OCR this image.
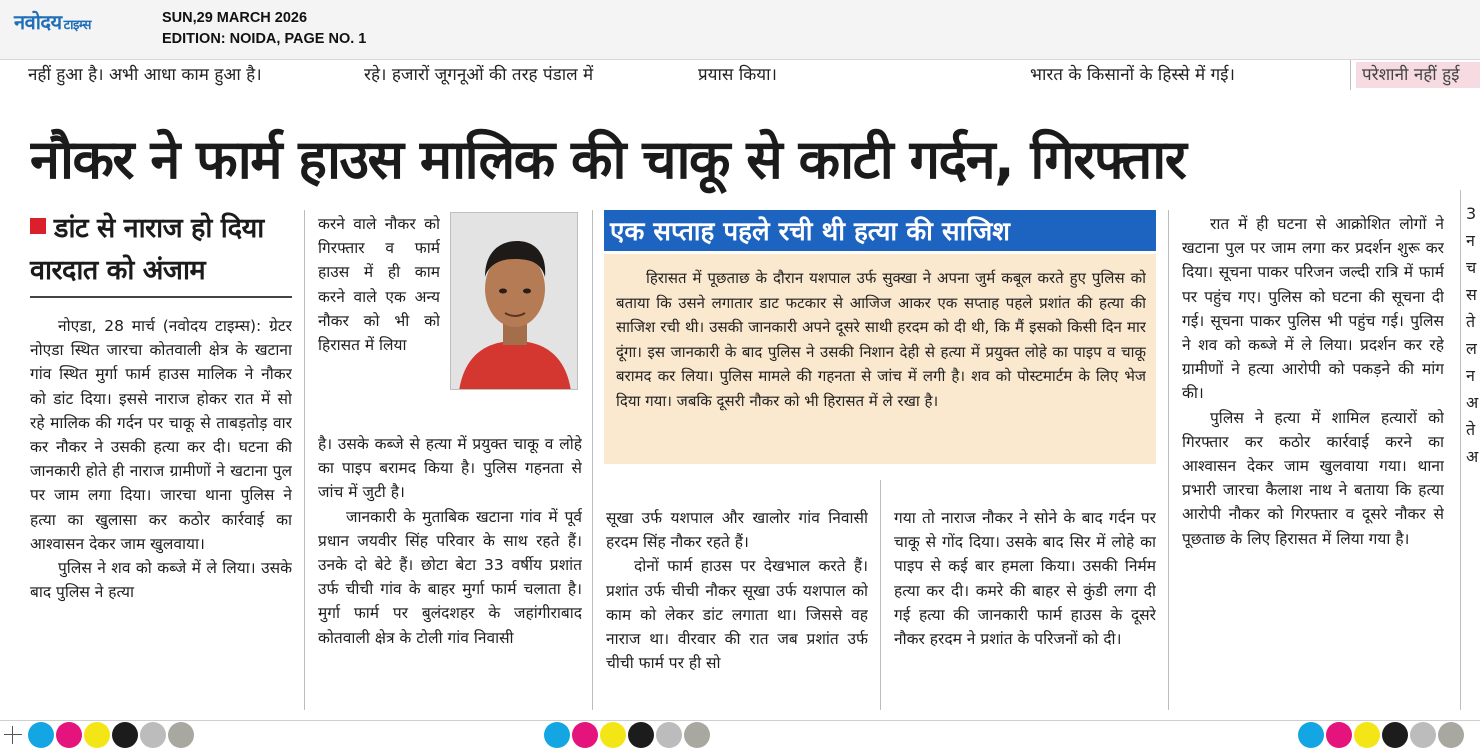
नवोदय टाइम्स	SUN,29 MARCH 2026
EDITION: NOIDA, PAGE NO. 1
नहीं हुआ है। अभी आधा काम हुआ है।	रहे। हजारों जूगनूओं की तरह पंडाल में	प्रयास किया।	भारत के किसानों के हिस्से में गई।	परेशानी नहीं हुई
नौकर ने फार्म हाउस मालिक की चाकू से काटी गर्दन, गिरफ्तार
डांट से नाराज हो दिया वारदात को अंजाम

नोएडा, 28 मार्च (नवोदय टाइम्स): ग्रेटर नोएडा स्थित जारचा कोतवाली क्षेत्र के खटाना गांव स्थित मुर्गा फार्म हाउस मालिक ने नौकर को डांट दिया। इससे नाराज होकर रात में सो रहे मालिक की गर्दन पर चाकू से ताबड़तोड़ वार कर नौकर ने उसकी हत्या कर दी। घटना की जानकारी होते ही नाराज ग्रामीणों ने खटाना पुल पर जाम लगा दिया। जारचा थाना पुलिस ने हत्या का खुलासा कर कठोर कार्रवाई का आश्वासन देकर जाम खुलवाया।

पुलिस ने शव को कब्जे में ले लिया। उसके बाद पुलिस ने हत्या

करने वाले नौकर को गिरफ्तार व फार्म हाउस में ही काम करने वाले एक अन्य नौकर को भी को हिरासत में लिया

है। उसके कब्जे से हत्या में प्रयुक्त चाकू व लोहे का पाइप बरामद किया है। पुलिस गहनता से जांच में जुटी है।

जानकारी के मुताबिक खटाना गांव में पूर्व प्रधान जयवीर सिंह परिवार के साथ रहते हैं। उनके दो बेटे हैं। छोटा बेटा 33 वर्षीय प्रशांत उर्फ चीची गांव के बाहर मुर्गा फार्म चलाता है। मुर्गा फार्म पर बुलंदशहर के जहांगीराबाद कोतवाली क्षेत्र के टोली गांव निवासी

एक सप्ताह पहले रची थी हत्या की साजिश

हिरासत में पूछताछ के दौरान यशपाल उर्फ सुक्खा ने अपना जुर्म कबूल करते हुए पुलिस को बताया कि उसने लगातार डाट फटकार से आजिज आकर एक सप्ताह पहले प्रशांत की हत्या की साजिश रची थी। उसकी जानकारी अपने दूसरे साथी हरदम को दी थी, कि मैं इसको किसी दिन मार दूंगा। इस जानकारी के बाद पुलिस ने उसकी निशान देही से हत्या में प्रयुक्त लोहे का पाइप व चाकू बरामद कर लिया। पुलिस मामले की गहनता से जांच में लगी है। शव को पोस्टमार्टम के लिए भेज दिया गया। जबकि दूसरी नौकर को भी हिरासत में ले रखा है।

सूखा उर्फ यशपाल और खालोर गांव निवासी हरदम सिंह नौकर रहते हैं।

दोनों फार्म हाउस पर देखभाल करते हैं।प्रशांत उर्फ चीची नौकर सूखा उर्फ यशपाल को काम को लेकर डांट लगाता था। जिससे वह नाराज था। वीरवार की रात जब प्रशांत उर्फ चीची फार्म पर ही सो

गया तो नाराज नौकर ने सोने के बाद गर्दन पर चाकू से गोंद दिया। उसके बाद सिर में लोहे का पाइप से कई बार हमला किया। उसकी निर्मम हत्या कर दी। कमरे की बाहर से कुंडी लगा दी गई हत्या की जानकारी फार्म हाउस के दूसरे नौकर हरदम ने प्रशांत के परिजनों को दी।

रात में ही घटना से आक्रोशित लोगों ने खटाना पुल पर जाम लगा कर प्रदर्शन शुरू कर दिया। सूचना पाकर परिजन जल्दी रात्रि में फार्म पर पहुंच गए। पुलिस को घटना की सूचना दी गई। सूचना पाकर पुलिस भी पहुंच गई। पुलिस ने शव को कब्जे में ले लिया। प्रदर्शन कर रहे ग्रामीणों ने हत्या आरोपी को पकड़ने की मांग की।

पुलिस ने हत्या में शामिल हत्यारों को गिरफ्तार कर कठोर कार्रवाई करने का आश्वासन देकर जाम खुलवाया गया। थाना प्रभारी जारचा कैलाश नाथ ने बताया कि हत्या आरोपी नौकर को गिरफ्तार व दूसरे नौकर से पूछताछ के लिए हिरासत में लिया गया है।

3 न च स ते ल न अ ते अ
